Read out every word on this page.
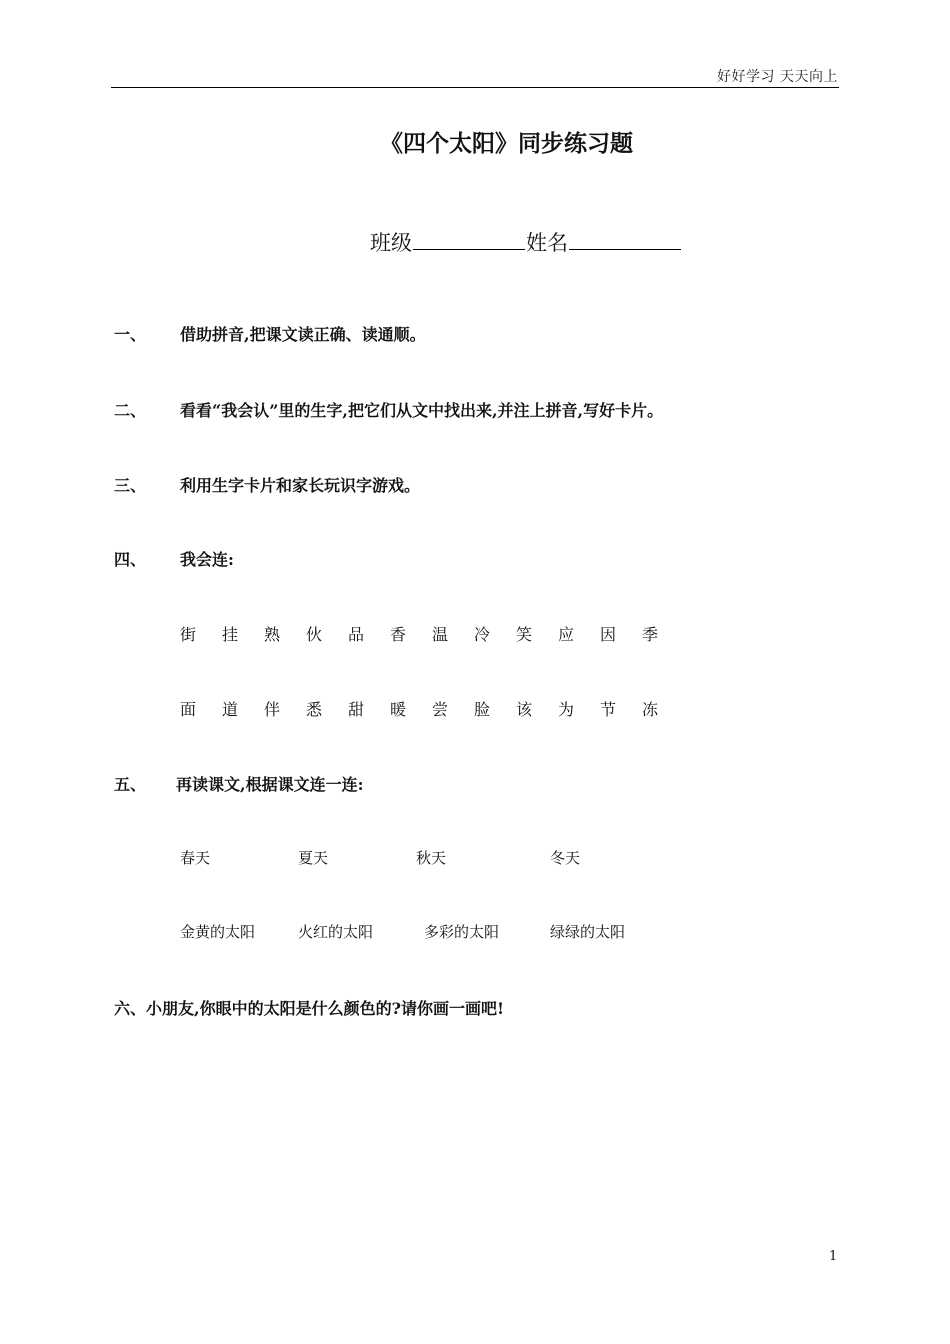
好好学习 天天向上
《四个太阳》同步练习题
班级	姓名
一、 借助拼音,把课文读正确、读通顺。
二、 看看“我会认”里的生字,把它们从文中找出来,并注上拼音,写好卡片。
三、 利用生字卡片和家长玩识字游戏。
四、 我会连:
街 挂 熟 伙 品 香 温 冷 笑 应 因 季
面 道 伴 悉 甜 暖 尝 脸 该 为 节 冻
五、 再读课文,根据课文连一连:
春天	夏天	秋天	冬天
金黄的太阳	火红的太阳	多彩的太阳	绿绿的太阳
六、小朋友,你眼中的太阳是什么颜色的?请你画一画吧!
1
